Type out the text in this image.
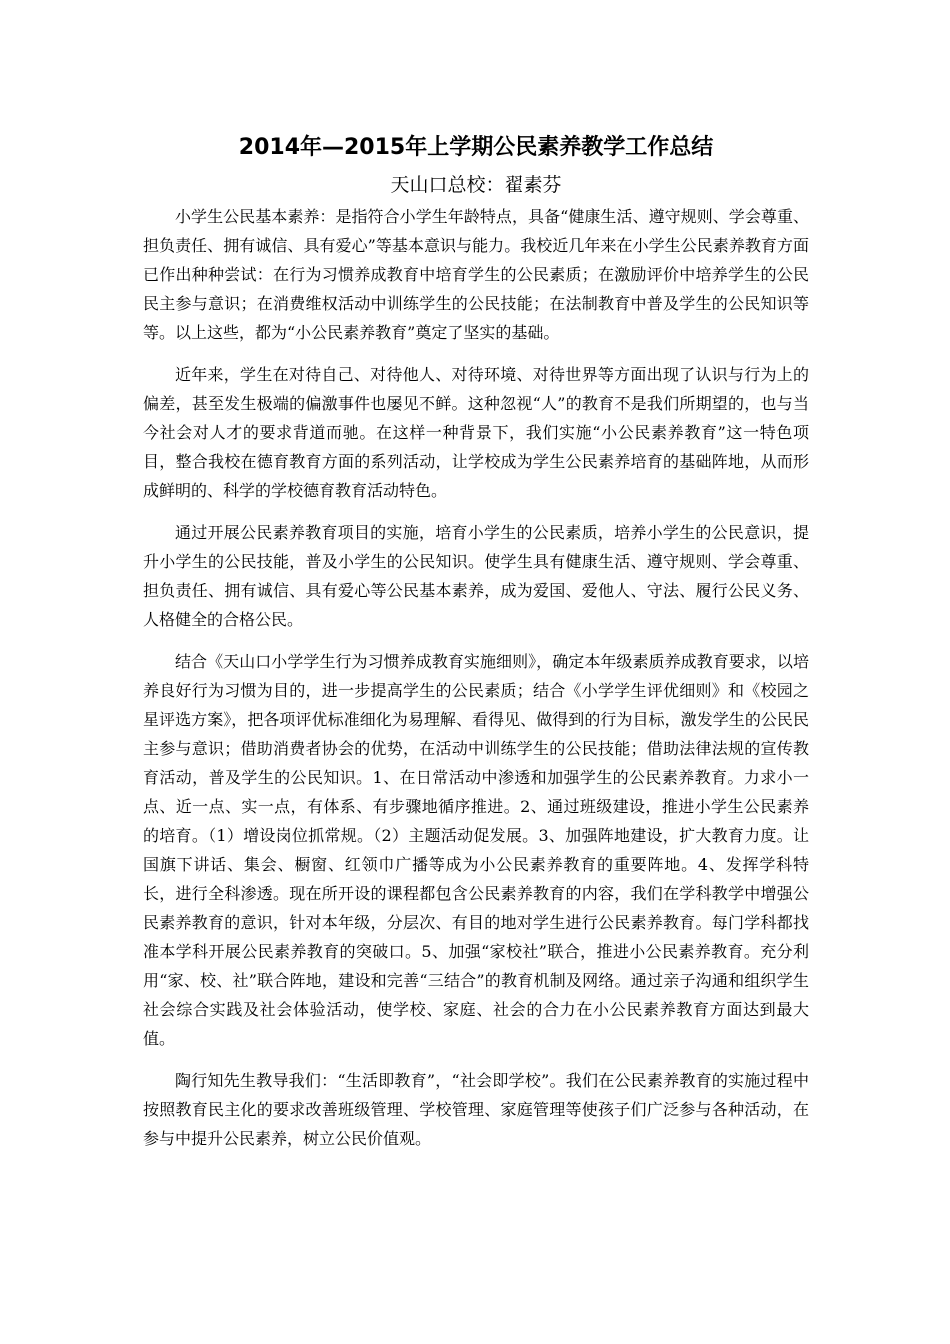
2014年—2015年上学期公民素养教学工作总结
天山口总校：翟素芬

小学生公民基本素养：是指符合小学生年龄特点，具备“健康生活、遵守规则、学会尊重、担负责任、拥有诚信、具有爱心”等基本意识与能力。我校近几年来在小学生公民素养教育方面已作出种种尝试：在行为习惯养成教育中培育学生的公民素质；在激励评价中培养学生的公民民主参与意识；在消费维权活动中训练学生的公民技能；在法制教育中普及学生的公民知识等等。以上这些，都为“小公民素养教育”奠定了坚实的基础。

近年来，学生在对待自己、对待他人、对待环境、对待世界等方面出现了认识与行为上的偏差，甚至发生极端的偏激事件也屡见不鲜。这种忽视“人”的教育不是我们所期望的，也与当今社会对人才的要求背道而驰。在这样一种背景下，我们实施“小公民素养教育”这一特色项目，整合我校在德育教育方面的系列活动，让学校成为学生公民素养培育的基础阵地，从而形成鲜明的、科学的学校德育教育活动特色。

通过开展公民素养教育项目的实施，培育小学生的公民素质，培养小学生的公民意识，提升小学生的公民技能，普及小学生的公民知识。使学生具有健康生活、遵守规则、学会尊重、担负责任、拥有诚信、具有爱心等公民基本素养，成为爱国、爱他人、守法、履行公民义务、人格健全的合格公民。

结合《天山口小学学生行为习惯养成教育实施细则》，确定本年级素质养成教育要求，以培养良好行为习惯为目的，进一步提高学生的公民素质；结合《小学学生评优细则》和《校园之星评选方案》，把各项评优标准细化为易理解、看得见、做得到的行为目标，激发学生的公民民主参与意识；借助消费者协会的优势，在活动中训练学生的公民技能；借助法律法规的宣传教育活动，普及学生的公民知识。1、在日常活动中渗透和加强学生的公民素养教育。力求小一点、近一点、实一点，有体系、有步骤地循序推进。2、通过班级建设，推进小学生公民素养的培育。（1）增设岗位抓常规。（2）主题活动促发展。3、加强阵地建设，扩大教育力度。让国旗下讲话、集会、橱窗、红领巾广播等成为小公民素养教育的重要阵地。4、发挥学科特长，进行全科渗透。现在所开设的课程都包含公民素养教育的内容，我们在学科教学中增强公民素养教育的意识，针对本年级，分层次、有目的地对学生进行公民素养教育。每门学科都找准本学科开展公民素养教育的突破口。5、加强“家校社”联合，推进小公民素养教育。充分利用“家、校、社”联合阵地，建设和完善“三结合”的教育机制及网络。通过亲子沟通和组织学生社会综合实践及社会体验活动，使学校、家庭、社会的合力在小公民素养教育方面达到最大值。

陶行知先生教导我们：“生活即教育”，“社会即学校”。我们在公民素养教育的实施过程中按照教育民主化的要求改善班级管理、学校管理、家庭管理等使孩子们广泛参与各种活动，在参与中提升公民素养，树立公民价值观。
